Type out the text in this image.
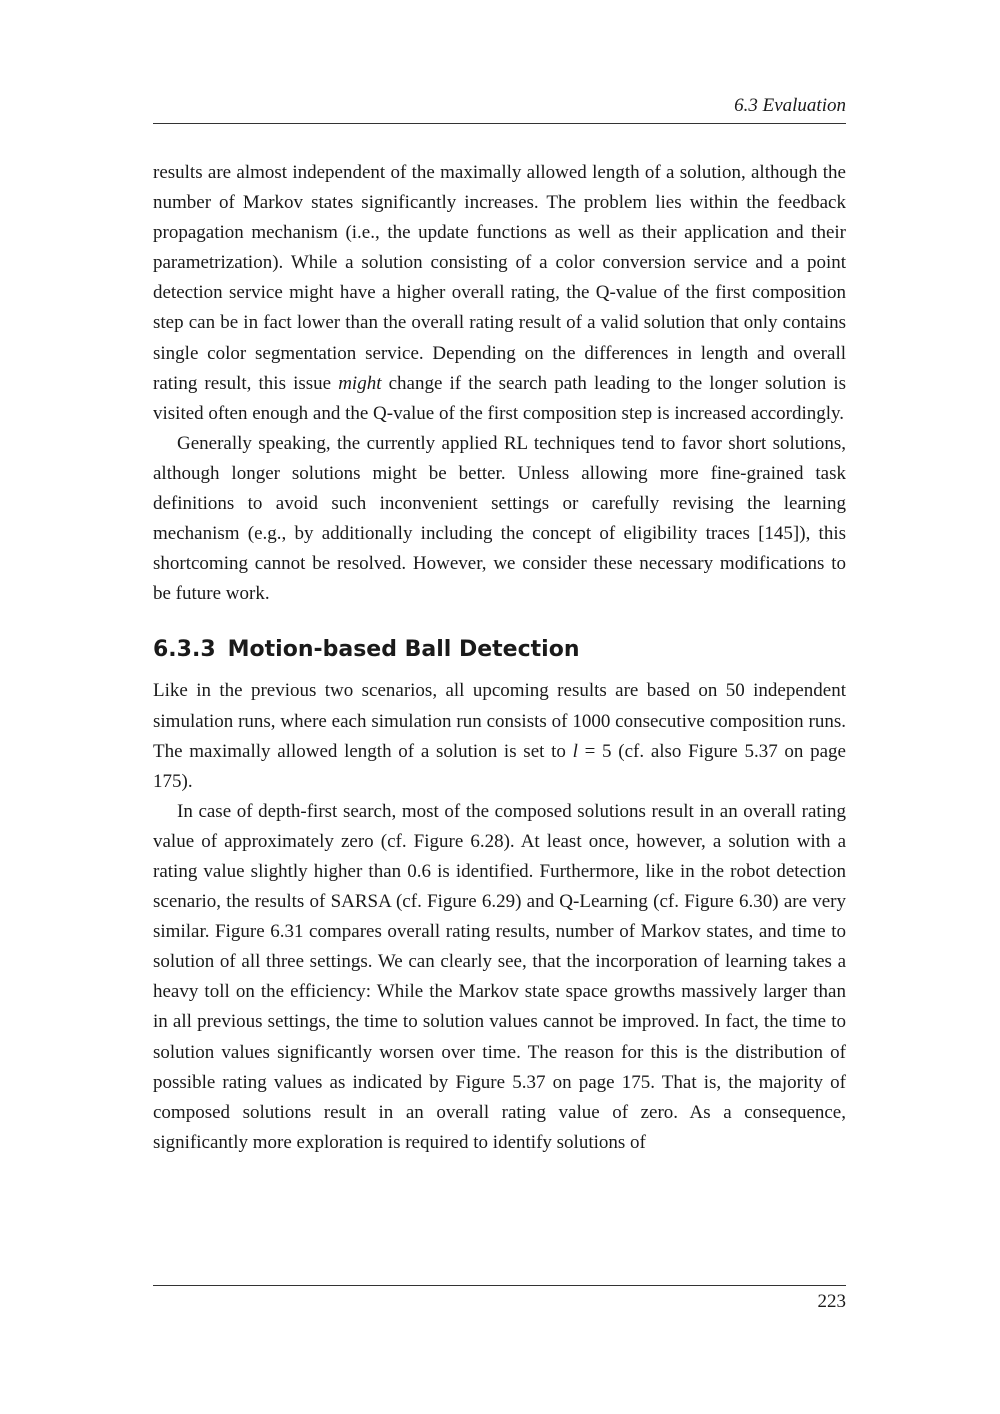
6.3 Evaluation

results are almost independent of the maximally allowed length of a solution, although the number of Markov states significantly increases. The problem lies within the feedback propagation mechanism (i.e., the update functions as well as their application and their parametrization). While a solution consisting of a color conversion service and a point detection service might have a higher overall rating, the Q-value of the first composition step can be in fact lower than the overall rating result of a valid solution that only contains single color segmentation service. Depending on the differences in length and overall rating result, this issue might change if the search path leading to the longer solution is visited often enough and the Q-value of the first composition step is increased accordingly.

Generally speaking, the currently applied RL techniques tend to favor short solutions, although longer solutions might be better. Unless allowing more fine-grained task definitions to avoid such inconvenient settings or carefully revising the learning mechanism (e.g., by additionally including the concept of eligibility traces [145]), this shortcoming cannot be resolved. However, we consider these necessary modifications to be future work.

6.3.3 Motion-based Ball Detection

Like in the previous two scenarios, all upcoming results are based on 50 independent simulation runs, where each simulation run consists of 1000 consecutive composition runs. The maximally allowed length of a solution is set to l = 5 (cf. also Figure 5.37 on page 175).

In case of depth-first search, most of the composed solutions result in an overall rating value of approximately zero (cf. Figure 6.28). At least once, however, a solution with a rating value slightly higher than 0.6 is identified. Furthermore, like in the robot detection scenario, the results of SARSA (cf. Figure 6.29) and Q-Learning (cf. Figure 6.30) are very similar. Figure 6.31 compares overall rating results, number of Markov states, and time to solution of all three settings. We can clearly see, that the incorporation of learning takes a heavy toll on the efficiency: While the Markov state space growths massively larger than in all previous settings, the time to solution values cannot be improved. In fact, the time to solution values significantly worsen over time. The reason for this is the distribution of possible rating values as indicated by Figure 5.37 on page 175. That is, the majority of composed solutions result in an overall rating value of zero. As a consequence, significantly more exploration is required to identify solutions of

223
